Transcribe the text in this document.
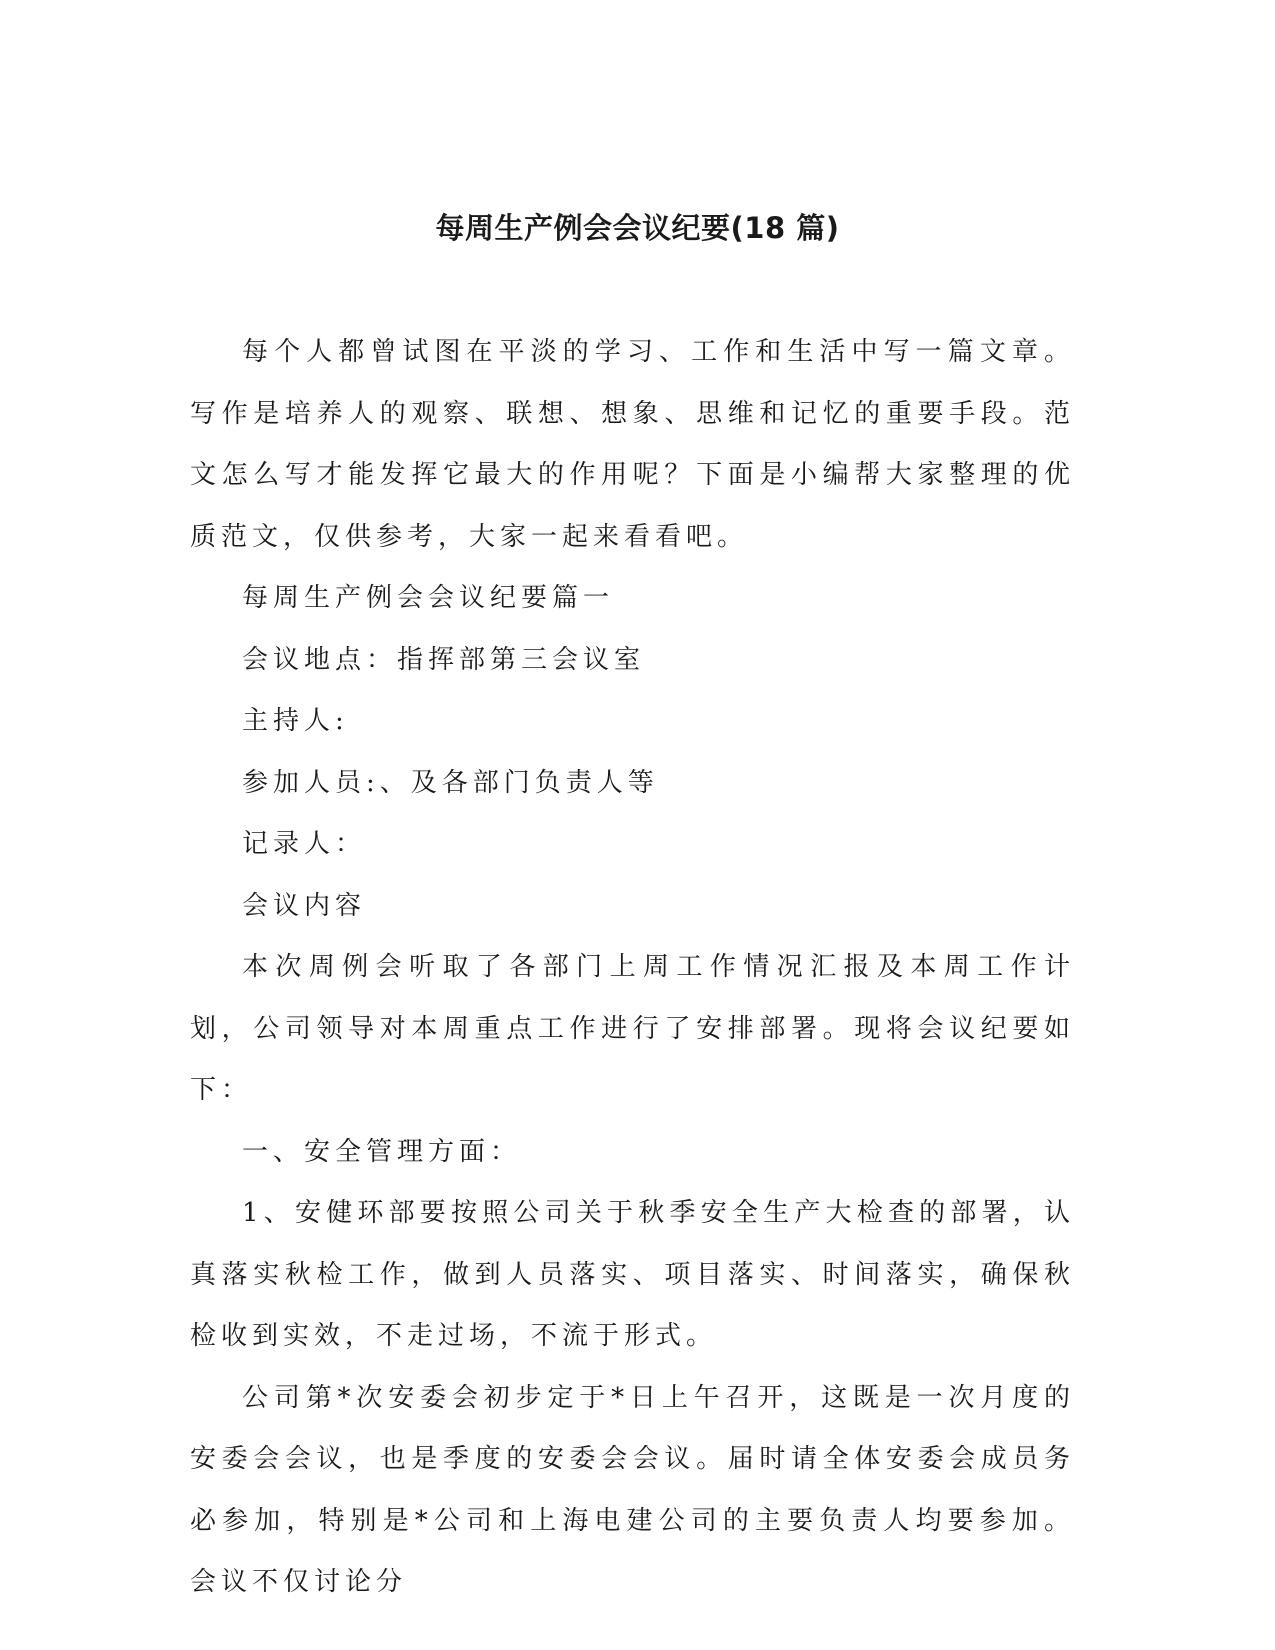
每周生产例会会议纪要(18 篇)

每个人都曾试图在平淡的学习、工作和生活中写一篇文章。写作是培养人的观察、联想、想象、思维和记忆的重要手段。范文怎么写才能发挥它最大的作用呢？下面是小编帮大家整理的优质范文，仅供参考，大家一起来看看吧。

每周生产例会会议纪要篇一

会议地点：指挥部第三会议室

主持人:

参加人员:、及各部门负责人等

记录人：

会议内容

本次周例会听取了各部门上周工作情况汇报及本周工作计划，公司领导对本周重点工作进行了安排部署。现将会议纪要如下：

一、安全管理方面：

1、安健环部要按照公司关于秋季安全生产大检查的部署，认真落实秋检工作，做到人员落实、项目落实、时间落实，确保秋检收到实效，不走过场，不流于形式。

公司第*次安委会初步定于*日上午召开，这既是一次月度的安委会会议，也是季度的安委会会议。届时请全体安委会成员务必参加，特别是*公司和上海电建公司的主要负责人均要参加。会议不仅讨论分
